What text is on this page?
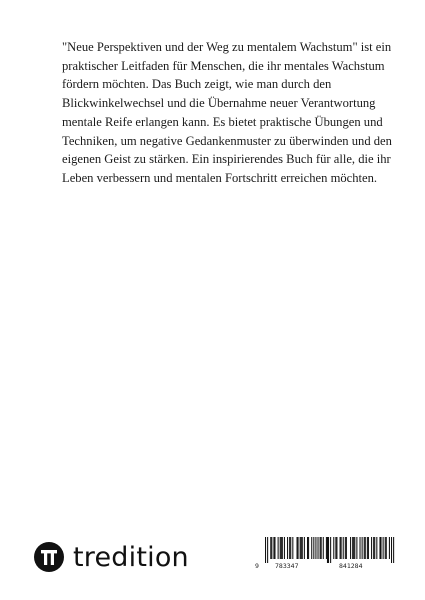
"Neue Perspektiven und der Weg zu mentalem Wachstum" ist ein praktischer Leitfaden für Menschen, die ihr mentales Wachstum fördern möchten. Das Buch zeigt, wie man durch den Blickwinkelwechsel und die Übernahme neuer Verantwortung mentale Reife erlangen kann. Es bietet praktische Übungen und Techniken, um negative Gedankenmuster zu überwinden und den eigenen Geist zu stärken. Ein inspirierendes Buch für alle, die ihr Leben verbessern und mentalen Fortschritt erreichen möchten.

tredition	9 783347	841284
